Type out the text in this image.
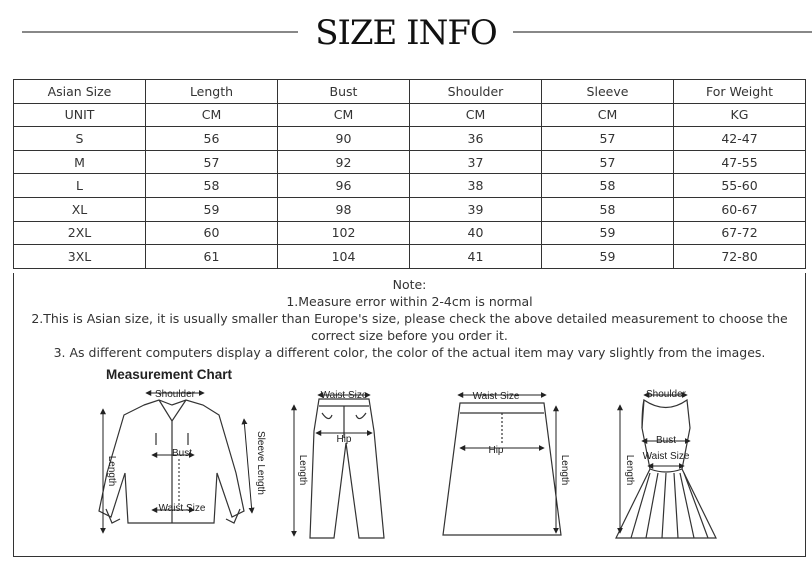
SIZE INFO
Asian Size	Length	Bust	Shoulder	Sleeve	For Weight
UNIT	CM	CM	CM	CM	KG
S	56	90	36	57	42-47
M	57	92	37	57	47-55
L	58	96	38	58	55-60
XL	59	98	39	58	60-67
2XL	60	102	40	59	67-72
3XL	61	104	41	59	72-80
Note:
1.Measure error within 2-4cm is normal
2.This is Asian size, it is usually smaller than Europe's size, please check the above detailed measurement to choose the correct size before you order it.
3. As different computers display a different color, the color of the actual item may vary slightly from the images.
Measurement Chart
Shoulder
Bust
Waist Size
Length	Sleeve Length
Waist Size
Hip
Length
Waist Size
Hip
Length
Shoulder
Bust
Waist Size
Length
